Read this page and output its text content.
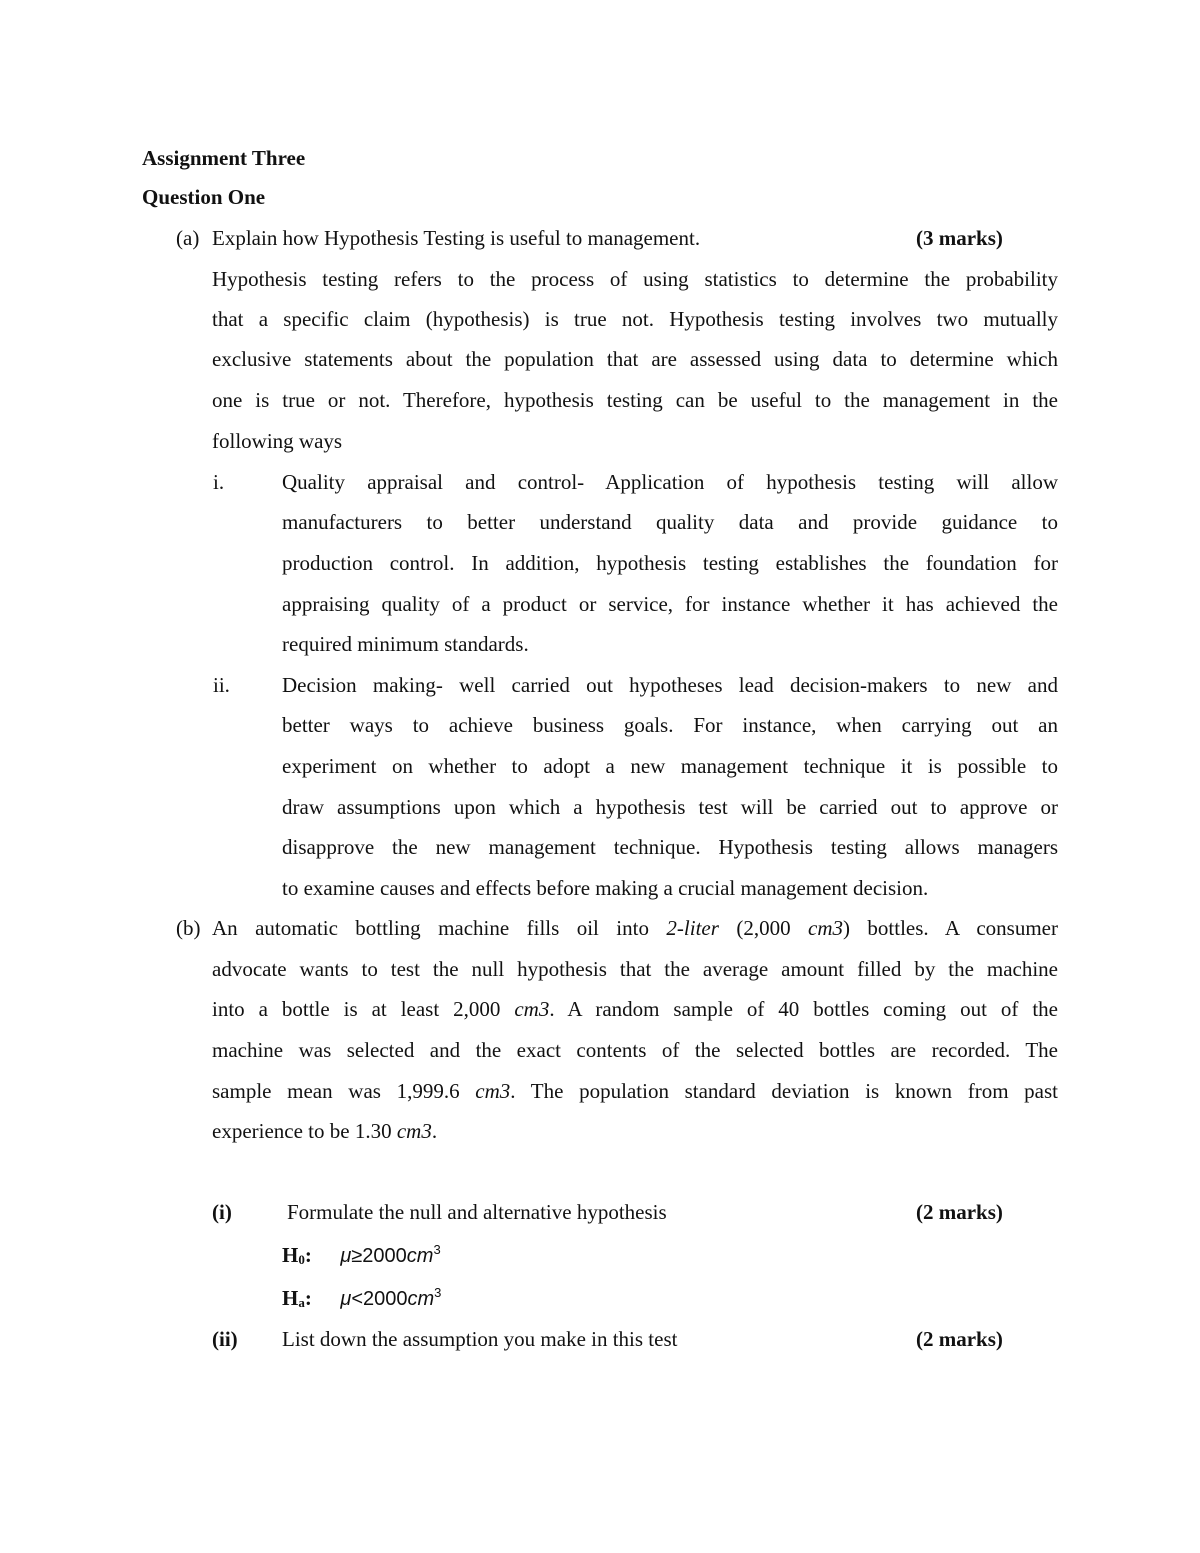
Assignment Three
Question One
(a) Explain how Hypothesis Testing is useful to management.	(3 marks)
Hypothesis testing refers to the process of using statistics to determine the probability
that a specific claim (hypothesis) is true not. Hypothesis testing involves two mutually
exclusive statements about the population that are assessed using data to determine which
one is true or not. Therefore, hypothesis testing can be useful to the management in the
following ways
i.	Quality appraisal and control- Application of hypothesis testing will allow
manufacturers to better understand quality data and provide guidance to
production control. In addition, hypothesis testing establishes the foundation for
appraising quality of a product or service, for instance whether it has achieved the
required minimum standards.
ii. Decision making- well carried out hypotheses lead decision-makers to new and
better ways to achieve business goals. For instance, when carrying out an
experiment on whether to adopt a new management technique it is possible to
draw assumptions upon which a hypothesis test will be carried out to approve or
disapprove the new management technique. Hypothesis testing allows managers
to examine causes and effects before making a crucial management decision.
(b) An automatic bottling machine fills oil into 2-liter (2,000 cm3) bottles. A consumer
advocate wants to test the null hypothesis that the average amount filled by the machine
into a bottle is at least 2,000 cm3. A random sample of 40 bottles coming out of the
machine was selected and the exact contents of the selected bottles are recorded. The
sample mean was 1,999.6 cm3. The population standard deviation is known from past
experience to be 1.30 cm3.
(i)	Formulate the null and alternative hypothesis	(2 marks)
$H_0$: $\mu\ge 2000cm^3$
$H_a$: $\mu<2000cm^3$
(ii) List down the assumption you make in this test	(2 marks)
